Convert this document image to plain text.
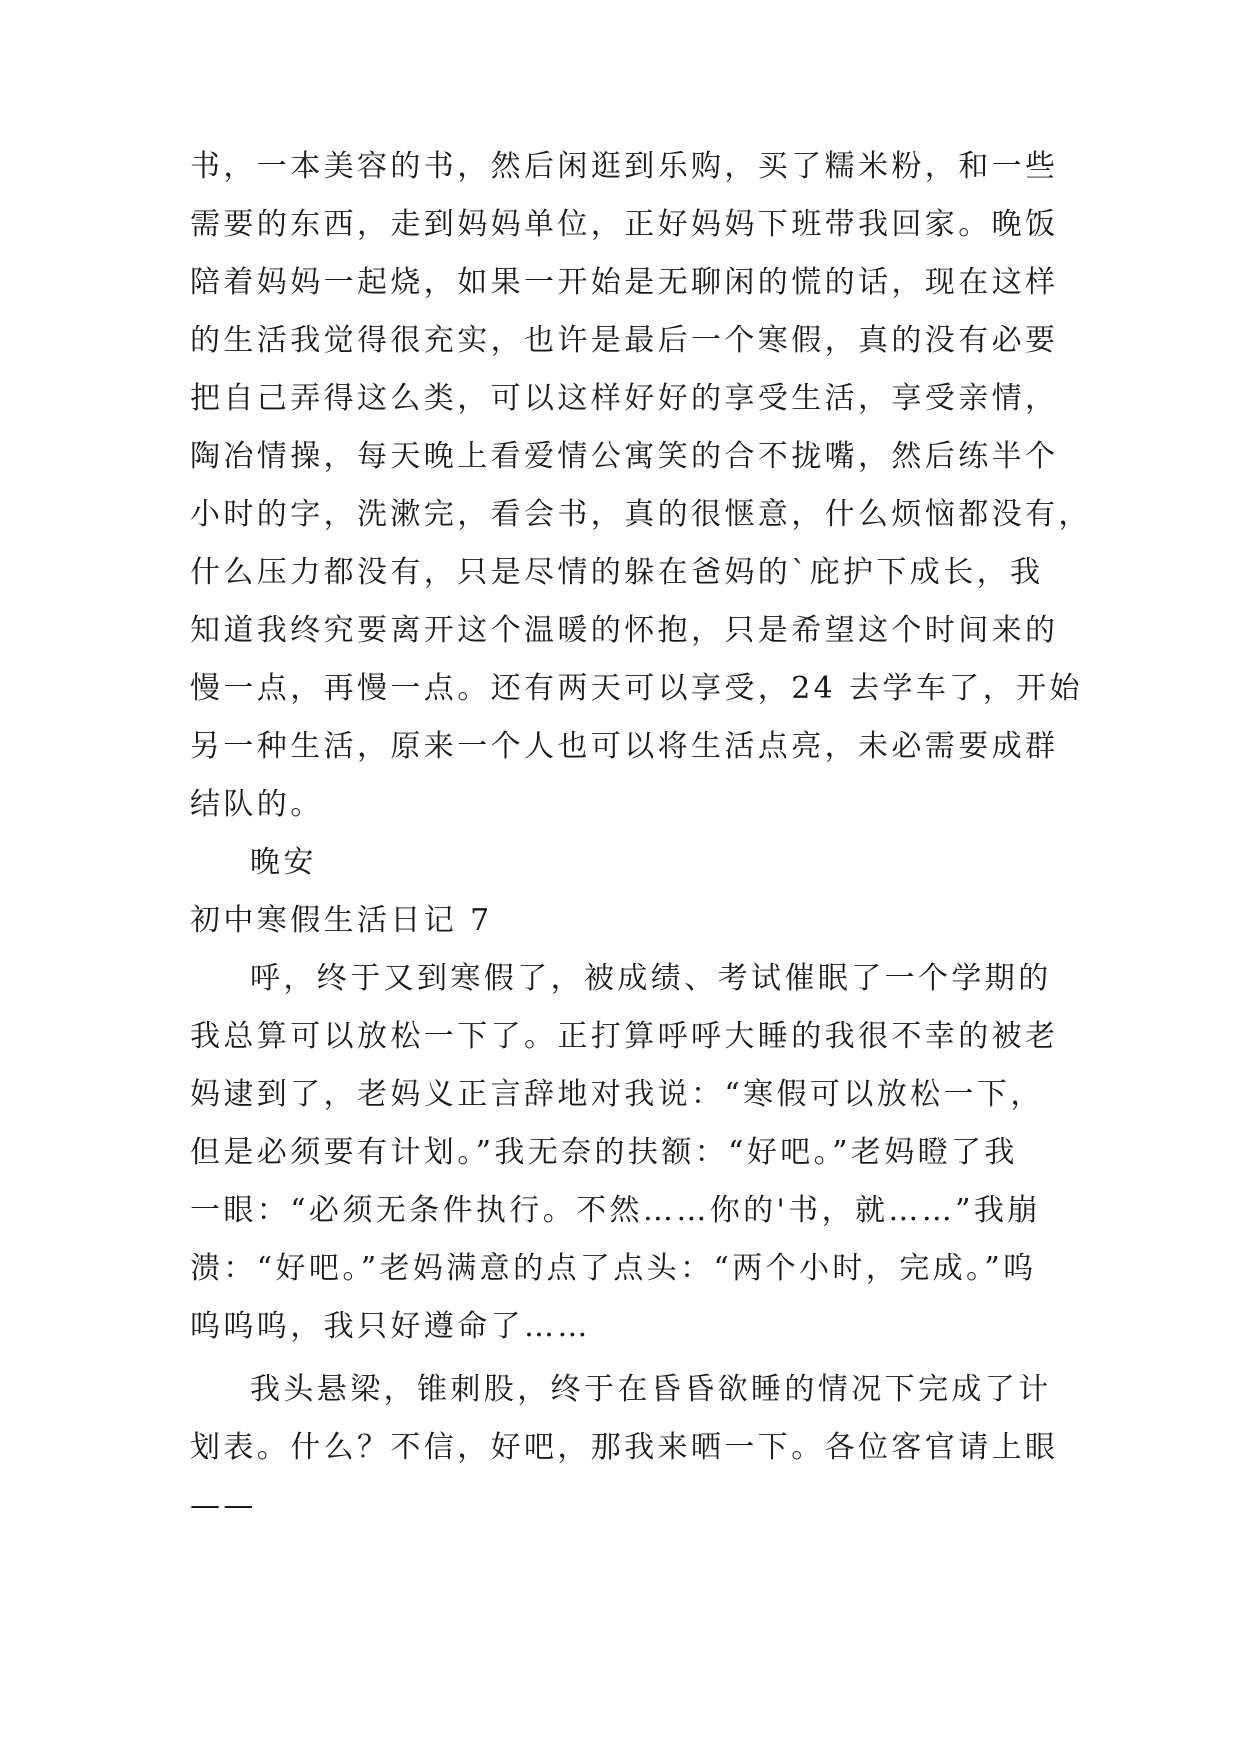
书，一本美容的书，然后闲逛到乐购，买了糯米粉，和一些
需要的东西，走到妈妈单位，正好妈妈下班带我回家。晚饭
陪着妈妈一起烧，如果一开始是无聊闲的慌的话，现在这样
的生活我觉得很充实，也许是最后一个寒假，真的没有必要
把自己弄得这么类，可以这样好好的享受生活，享受亲情，
陶冶情操，每天晚上看爱情公寓笑的合不拢嘴，然后练半个
小时的字，洗漱完，看会书，真的很惬意，什么烦恼都没有，
什么压力都没有，只是尽情的躲在爸妈的`庇护下成长，我
知道我终究要离开这个温暖的怀抱，只是希望这个时间来的
慢一点，再慢一点。还有两天可以享受，24 去学车了，开始
另一种生活，原来一个人也可以将生活点亮，未必需要成群
结队的。
晚安
初中寒假生活日记 7
呼，终于又到寒假了，被成绩、考试催眠了一个学期的
我总算可以放松一下了。正打算呼呼大睡的我很不幸的被老
妈逮到了，老妈义正言辞地对我说：“寒假可以放松一下，
但是必须要有计划。”我无奈的扶额：“好吧。”老妈瞪了我
一眼：“必须无条件执行。不然……你的'书，就……”我崩
溃：“好吧。”老妈满意的点了点头：“两个小时，完成。”呜
呜呜呜，我只好遵命了……
我头悬梁，锥刺股，终于在昏昏欲睡的情况下完成了计
划表。什么？不信，好吧，那我来晒一下。各位客官请上眼
——
